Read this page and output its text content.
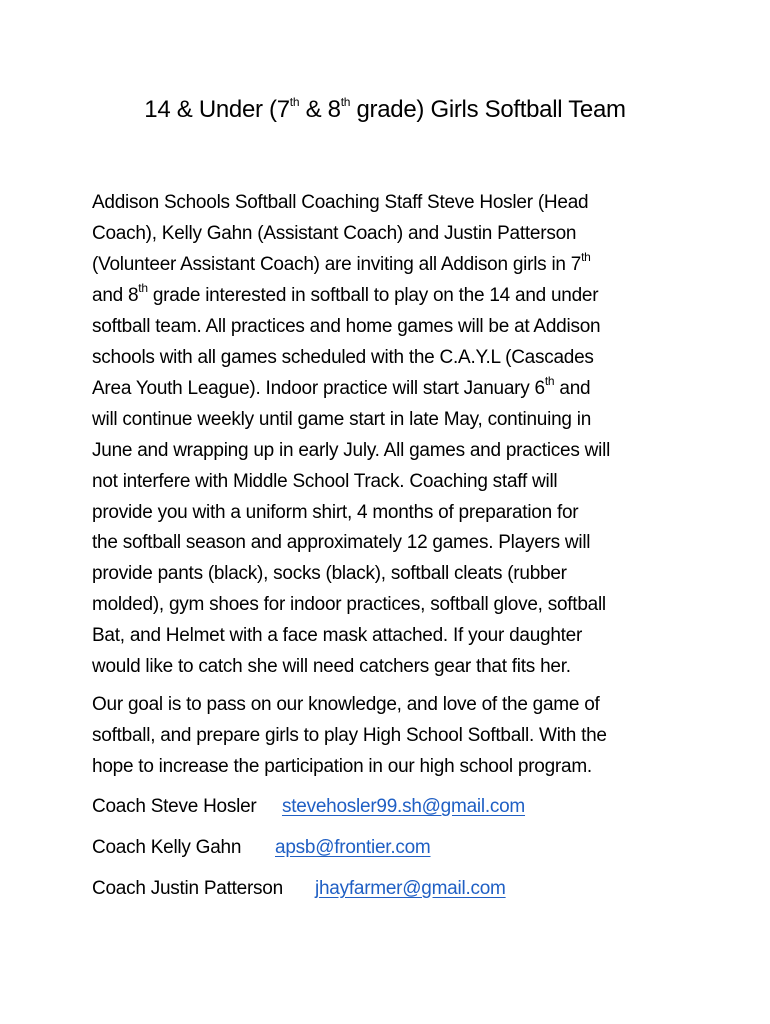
14 & Under (7th & 8th grade) Girls Softball Team
Addison Schools Softball Coaching Staff Steve Hosler (Head
Coach), Kelly Gahn (Assistant Coach) and Justin Patterson
(Volunteer Assistant Coach) are inviting all Addison girls in 7th
and 8th grade interested in softball to play on the 14 and under
softball team. All practices and home games will be at Addison
schools with all games scheduled with the C.A.Y.L (Cascades
Area Youth League). Indoor practice will start January 6th and
will continue weekly until game start in late May, continuing in
June and wrapping up in early July. All games and practices will
not interfere with Middle School Track. Coaching staff will
provide you with a uniform shirt, 4 months of preparation for
the softball season and approximately 12 games. Players will
provide pants (black), socks (black), softball cleats (rubber
molded), gym shoes for indoor practices, softball glove, softball
Bat, and Helmet with a face mask attached. If your daughter
would like to catch she will need catchers gear that fits her.
Our goal is to pass on our knowledge, and love of the game of
softball, and prepare girls to play High School Softball. With the
hope to increase the participation in our high school program.
Coach Steve Hosler stevehosler99.sh@gmail.com
Coach Kelly Gahn apsb@frontier.com
Coach Justin Patterson jhayfarmer@gmail.com
